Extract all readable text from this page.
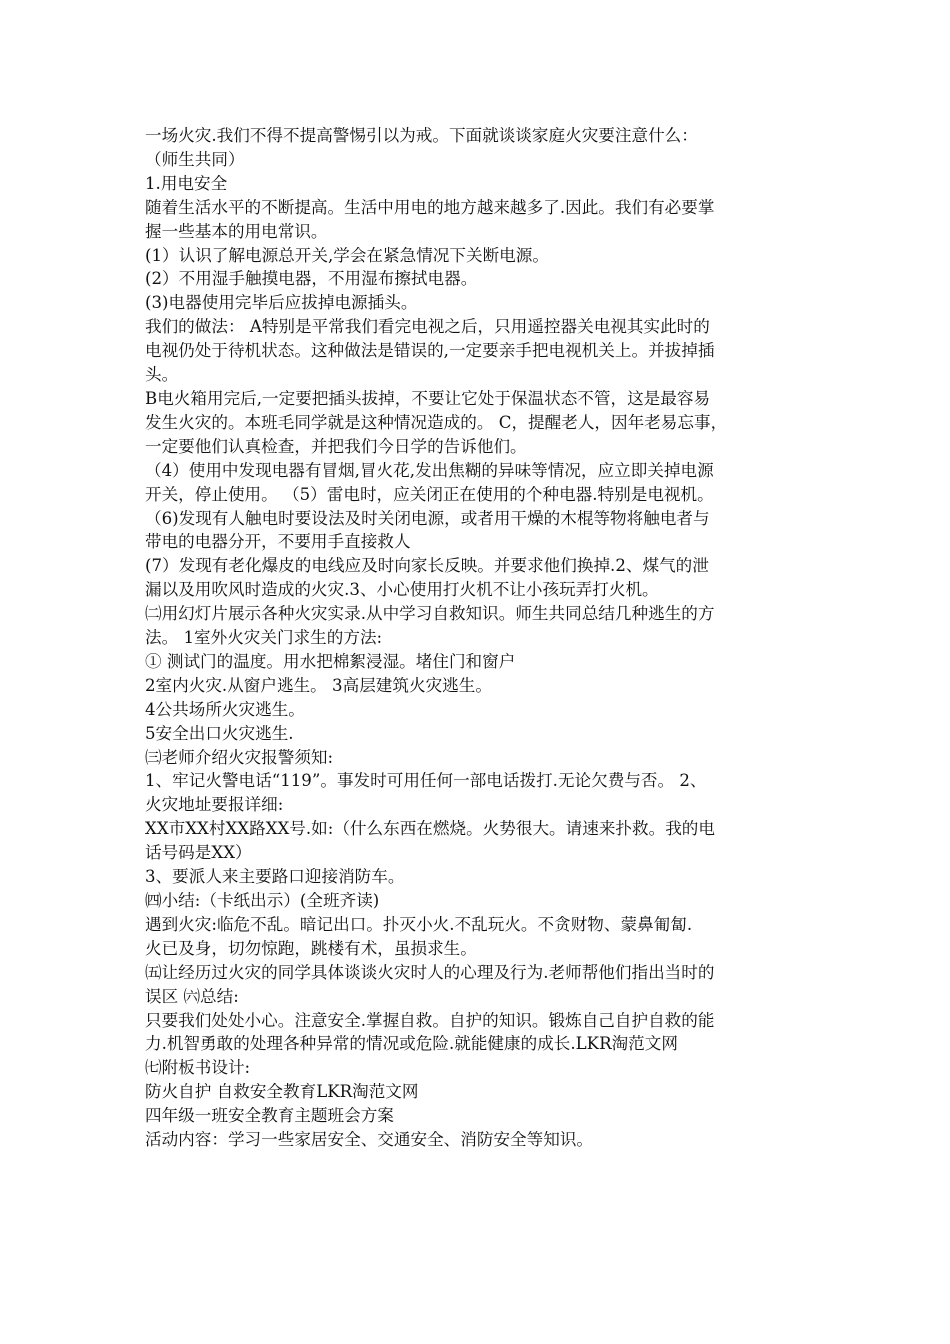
一场火灾.我们不得不提高警惕引以为戒。下面就谈谈家庭火灾要注意什么：
（师生共同）
1.用电安全
随着生活水平的不断提高。生活中用电的地方越来越多了.因此。我们有必要掌
握一些基本的用电常识。
(1）认识了解电源总开关,学会在紧急情况下关断电源。
(2）不用湿手触摸电器，不用湿布擦拭电器。
(3)电器使用完毕后应拔掉电源插头。
我们的做法： A特别是平常我们看完电视之后，只用遥控器关电视其实此时的
电视仍处于待机状态。这种做法是错误的,一定要亲手把电视机关上。并拔掉插
头。
B电火箱用完后,一定要把插头拔掉，不要让它处于保温状态不管，这是最容易
发生火灾的。本班毛同学就是这种情况造成的。 C，提醒老人，因年老易忘事，
一定要他们认真检查，并把我们今日学的告诉他们。
（4）使用中发现电器有冒烟,冒火花,发出焦糊的异味等情况，应立即关掉电源
开关，停止使用。 （5）雷电时，应关闭正在使用的个种电器.特别是电视机。
（6)发现有人触电时要设法及时关闭电源，或者用干燥的木棍等物将触电者与
带电的电器分开，不要用手直接救人
(7）发现有老化爆皮的电线应及时向家长反映。并要求他们换掉.2、煤气的泄
漏以及用吹风时造成的火灾.3、小心使用打火机不让小孩玩弄打火机。
㈡用幻灯片展示各种火灾实录.从中学习自救知识。师生共同总结几种逃生的方
法。 1室外火灾关门求生的方法:
① 测试门的温度。用水把棉絮浸湿。堵住门和窗户
2室内火灾.从窗户逃生。 3高层建筑火灾逃生。
4公共场所火灾逃生。
5安全出口火灾逃生.
㈢老师介绍火灾报警须知:
1、牢记火警电话“119”。事发时可用任何一部电话拨打.无论欠费与否。 2、
火灾地址要报详细:
XX市XX村XX路XX号.如:（什么东西在燃烧。火势很大。请速来扑救。我的电
话号码是XX）
3、要派人来主要路口迎接消防车。
㈣小结:（卡纸出示）(全班齐读)
遇到火灾:临危不乱。暗记出口。扑灭小火.不乱玩火。不贪财物、蒙鼻匍匐.
火已及身，切勿惊跑，跳楼有术，虽损求生。
㈤让经历过火灾的同学具体谈谈火灾时人的心理及行为.老师帮他们指出当时的
误区 ㈥总结:
只要我们处处小心。注意安全.掌握自救。自护的知识。锻炼自己自护自救的能
力.机智勇敢的处理各种异常的情况或危险.就能健康的成长.LKR淘范文网
㈦附板书设计:
防火自护 自救安全教育LKR淘范文网
四年级一班安全教育主题班会方案
活动内容：学习一些家居安全、交通安全、消防安全等知识。
